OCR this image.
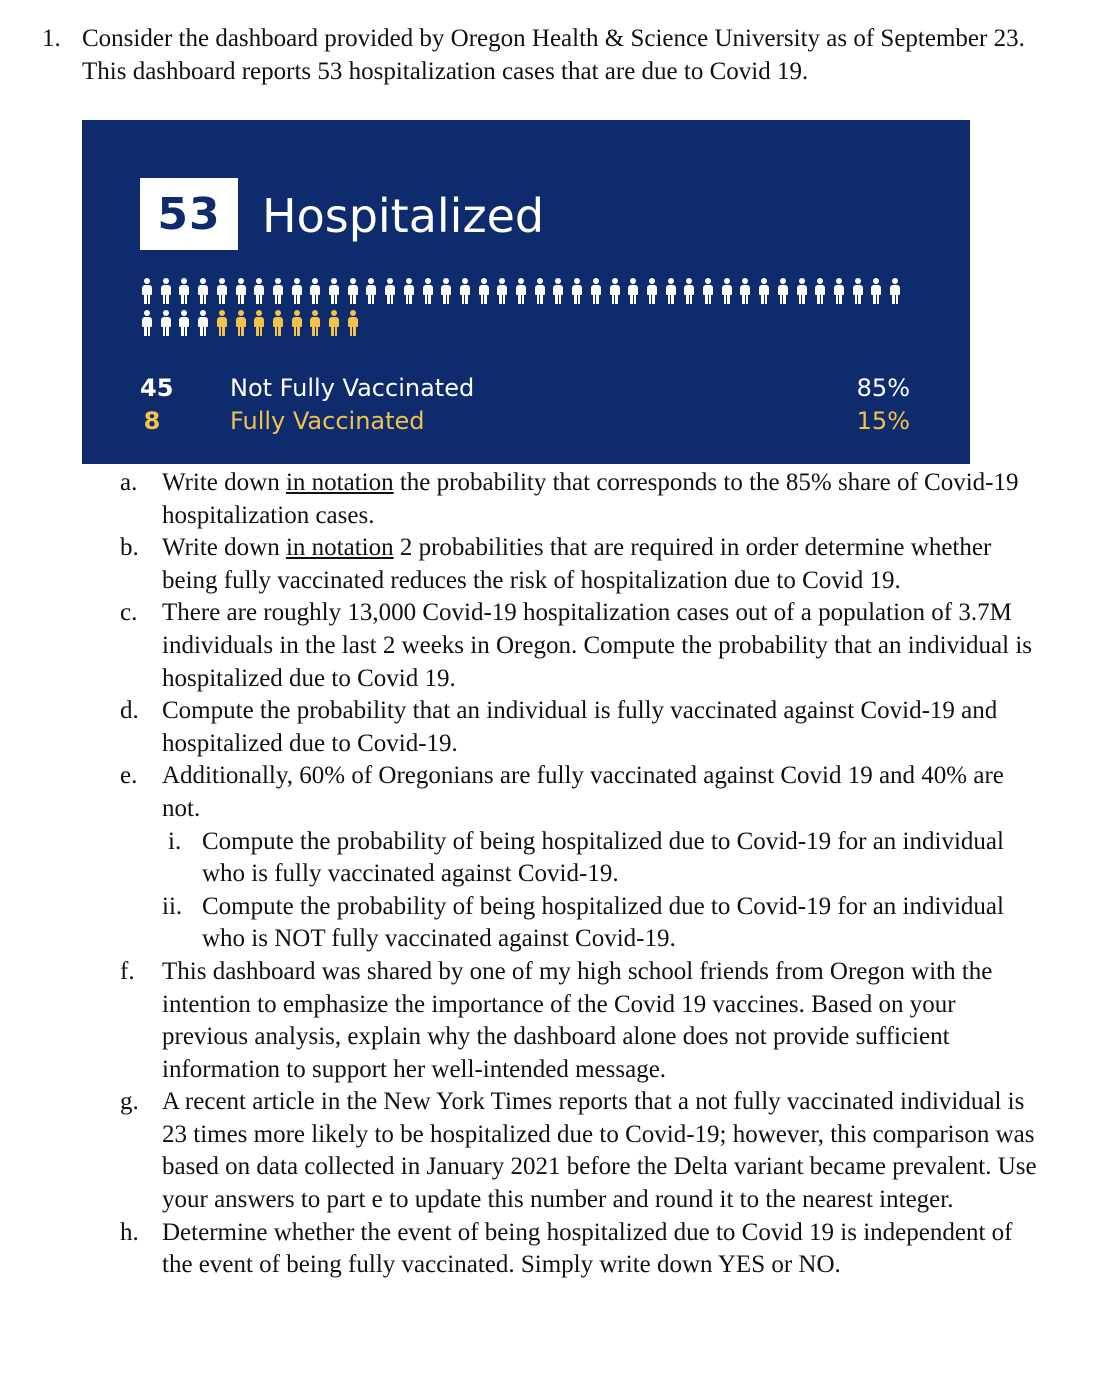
1. Consider the dashboard provided by Oregon Health & Science University as of September 23. This dashboard reports 53 hospitalization cases that are due to Covid 19.
53 Hospitalized
45 Not Fully Vaccinated	85%
8	Fully Vaccinated	15%
a. Write down in notation the probability that corresponds to the 85% share of Covid-19 hospitalization cases.
b. Write down in notation 2 probabilities that are required in order determine whether being fully vaccinated reduces the risk of hospitalization due to Covid 19.
c. There are roughly 13,000 Covid-19 hospitalization cases out of a population of 3.7M individuals in the last 2 weeks in Oregon. Compute the probability that an individual is hospitalized due to Covid 19.
d. Compute the probability that an individual is fully vaccinated against Covid-19 and hospitalized due to Covid-19.
e. Additionally, 60% of Oregonians are fully vaccinated against Covid 19 and 40% are not.
i. Compute the probability of being hospitalized due to Covid-19 for an individual who is fully vaccinated against Covid-19.
ii. Compute the probability of being hospitalized due to Covid-19 for an individual who is NOT fully vaccinated against Covid-19.
f. This dashboard was shared by one of my high school friends from Oregon with the intention to emphasize the importance of the Covid 19 vaccines. Based on your previous analysis, explain why the dashboard alone does not provide sufficient information to support her well-intended message.
g. A recent article in the New York Times reports that a not fully vaccinated individual is 23 times more likely to be hospitalized due to Covid-19; however, this comparison was based on data collected in January 2021 before the Delta variant became prevalent. Use your answers to part e to update this number and round it to the nearest integer.
h. Determine whether the event of being hospitalized due to Covid 19 is independent of the event of being fully vaccinated. Simply write down YES or NO.
